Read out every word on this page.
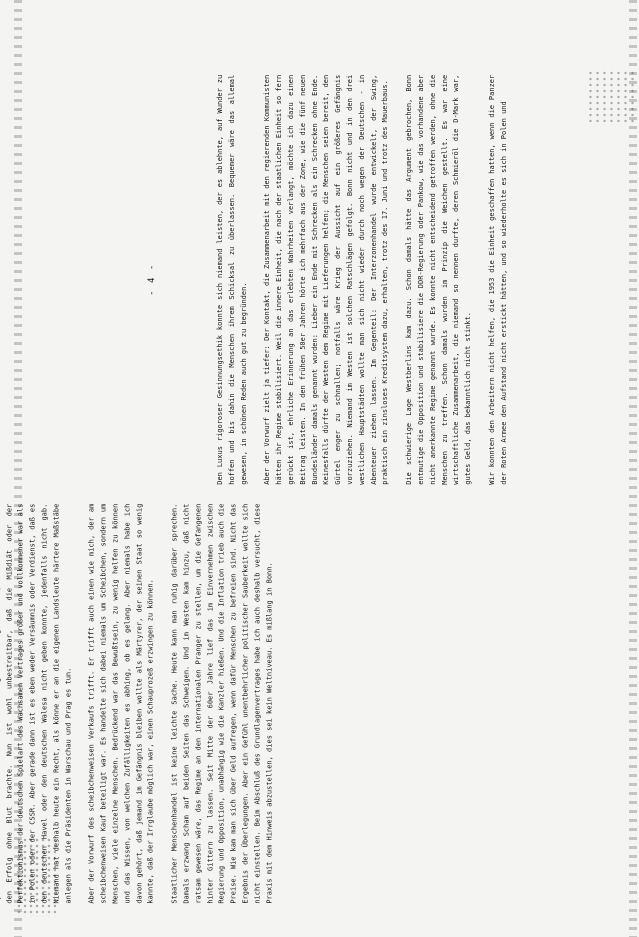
den Erfolg ohne Blut brachte. Nun ist wohl unbestreitbar, daß die Mißdiät oder der Perfektionismus der deutschen Spielart des Wachsamen Vertrages größer und vollkommener war als in Polen oder der CSSR. Aber gerade dann ist es eben weder Versäumnis oder Verdienst, daß es den deutschen Havel oder den deutschen Walesa nicht geben konnte, jedenfalls nicht gab. Niemand hat deshalb heute ein Recht, als könne er an die eigenen Landsleute härtere Maßstäbe anlegen als die Präsidenten in Warschau und Prag es tun.	Aber der Vorwurf des scheibchenweisen Verkaufs trifft. Er trifft auch einen wie mich, der am scheibchenweisen Kauf beteiligt war. Es handelte sich dabei niemals um Scheibchen, sondern um Menschen, viele einzelne Menschen. Bedrückend war das Bewußtsein, zu wenig helfen zu können und das Wissen, von welchen Zufälligkeiten es abhing, ob es gelang. Aber niemals habe ich davon gehört, daß jemand im Gefängnis bleiben wollte als Märtyrer, der seinen Staat so wenig kannte, daß der Irrglaube möglich war, einen Schauprozeß erzwingen zu können.	Staatlicher Menschenhandel ist keine leichte Sache. Heute kann man ruhig darüber sprechen. Damals erzwang Scham auf beiden Seiten das Schweigen. Und im Westen kam hinzu, daß nicht ratsam gewesen wäre, das Regime an den internationalen Pranger zu stellen, um die Gefangenen hinter Gittern zu lassen. Seit Mitte der 60er Jahre lief das im Einvernehmen zwischen Regierung und Opposition, unabhängig wie die Kanzler hießen. Und die Inflation trieb auch die Preise. Wie kam man sich über Geld aufregen, wenn dafür Menschen zu befreien sind. Nicht das Ergebnis der Überlegungen. Aber ein Gefühl unentbehrlicher politischer Sauberkeit wollte sich nicht einstellen. Beim Abschluß des Grundlagenvertrages habe ich auch deshalb versucht, diese Praxis mit dem Hinweis abzustellen, dies sei kein Weltniveau. Es mißlang in Bonn.

- 4 -	Den Luxus rigoroser Gesinnungsethik konnte sich niemand leisten, der es ablehnte, auf Wunder zu hoffen und bis dahin die Menschen ihrem Schicksal zu überlassen. Bequemer wäre das allemal gewesen, in schönen Reden auch gut zu begründen.	Aber der Vorwurf zielt ja tiefer: Der Kontakt, die Zusammenarbeit mit den regierenden Kommunisten hätten ihr Regime stabilisiert. Weil die innere Einheit, die nach der staatlichen Einheit so fern gerückt ist, ehrliche Erinnerung an das erlebten Wahrheiten verlangt, möchte ich dazu einen Beitrag leisten. In den frühen 50er Jahren hörte ich mehrfach aus der Zone, wie die fünf neuen Bundesländer damals genannt wurden: Lieber ein Ende mit Schrecken als ein Schrecken ohne Ende. Keinesfalls dürfte der Westen dem Regime mit Lieferungen helfen; die Menschen seien bereit, den Gürtel enger zu schnallen; notfalls wäre Krieg der Aussicht auf ein größeres Gefängnis vorzuziehen. Niemand im Westen ist solchen Ratschlägen gefolgt. Bonn nicht und in den drei westlichen Hauptstädten wollte man sich nicht wieder durch noch wegen der Deutschen - in Abenteuer ziehen lassen. Im Gegenteil: Der Interzonenhandel wurde entwickelt, der Swing, praktisch ein zinsloses Kreditsystem dazu, erhalten, trotz des 17. Juni und trotz des Mauerbaus.	Die schwierige Lage Westberlins kam dazu. Schon damals hätte das Argument gebrochen, Bonn entmutige die Opposition und stabilisiere die DDR-Regierung oder Pankow, wie das vorhandene aber nicht anerkannte Regime genannt wurde. Es konnte nicht entscheidend getroffen werden, ohne die Menschen zu treffen. Schon damals wurden im Prinzip die Weichen gestellt. Es war eine wirtschaftliche Zusammenarbeit, die niemand so nennen durfte, deren Schmierōl die D-Mark war, gutes Geld, das bekanntlich nicht stinkt.	Wir konnten den Arbeitern nicht helfen, die 1953 die Einheit geschaffen hatten, wenn die Panzer der Roten Armee den Aufstand nicht erstickt hätten, und so wiederholte es sich in Polen und
